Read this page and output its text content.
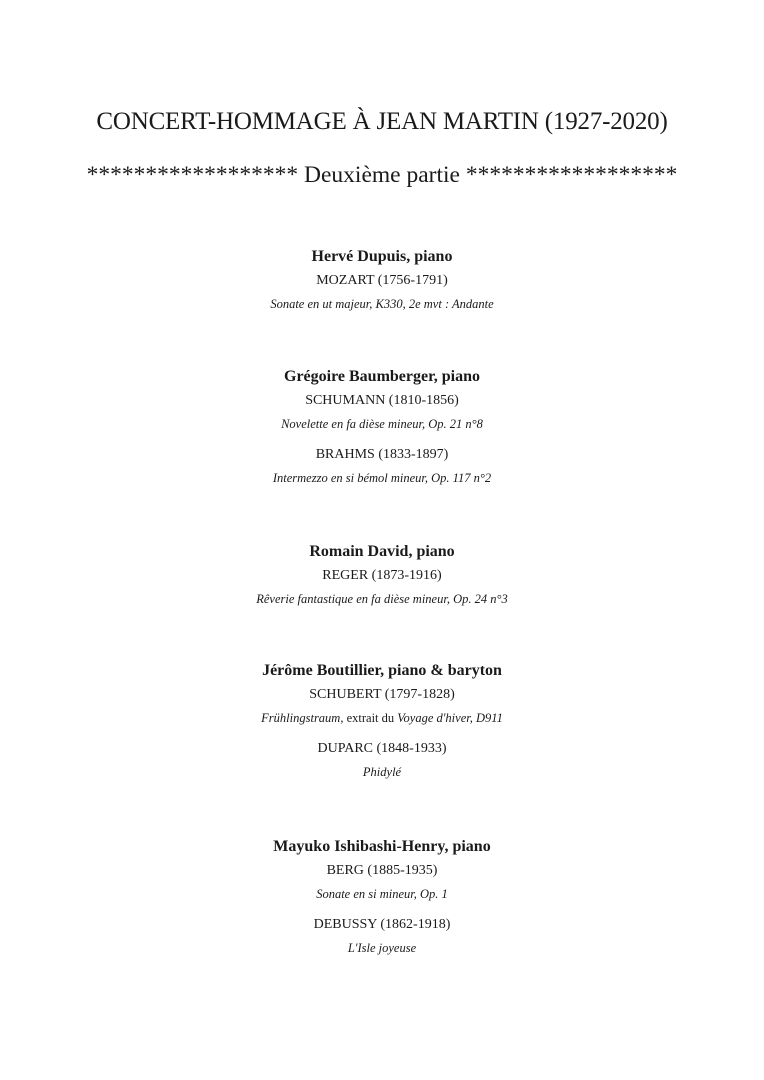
CONCERT-HOMMAGE À JEAN MARTIN (1927-2020)
****************** Deuxième partie ******************
Hervé Dupuis, piano
MOZART (1756-1791)
Sonate en ut majeur, K330, 2e mvt : Andante
Grégoire Baumberger, piano
SCHUMANN (1810-1856)
Novelette en fa dièse mineur, Op. 21 n°8
BRAHMS (1833-1897)
Intermezzo en si bémol mineur, Op. 117 n°2
Romain David, piano
REGER (1873-1916)
Rêverie fantastique en fa dièse mineur, Op. 24 n°3
Jérôme Boutillier, piano & baryton
SCHUBERT (1797-1828)
Frühlingstraum, extrait du Voyage d'hiver, D911
DUPARC (1848-1933)
Phidylé
Mayuko Ishibashi-Henry, piano
BERG (1885-1935)
Sonate en si mineur, Op. 1
DEBUSSY (1862-1918)
L'Isle joyeuse
